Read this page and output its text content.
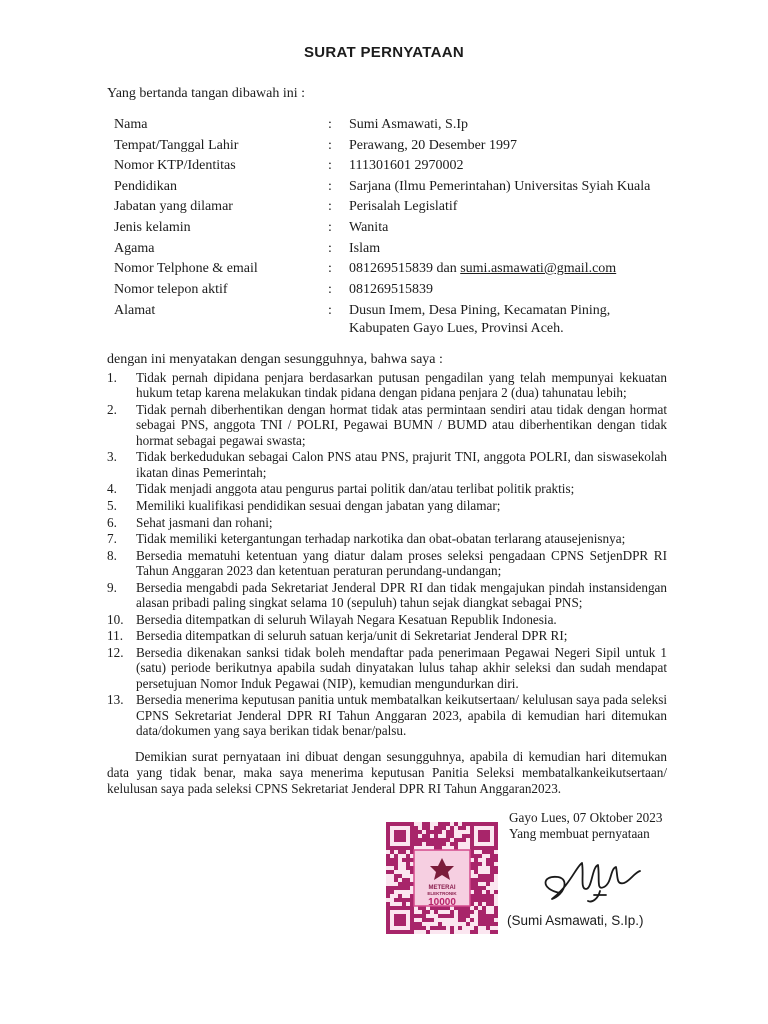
SURAT PERNYATAAN
Yang bertanda tangan dibawah ini :
Nama	:	Sumi Asmawati, S.Ip
Tempat/Tanggal Lahir	:	Perawang, 20 Desember 1997
Nomor KTP/Identitas	:	111301601 2970002
Pendidikan	:	Sarjana (Ilmu Pemerintahan) Universitas Syiah Kuala
Jabatan yang dilamar	:	Perisalah Legislatif
Jenis kelamin	:	Wanita
Agama	:	Islam
Nomor Telphone & email	:	081269515839 dan sumi.asmawati@gmail.com
Nomor telepon aktif	:	081269515839
Alamat	:	Dusun Imem, Desa Pining, Kecamatan Pining,
Kabupaten Gayo Lues, Provinsi Aceh.
dengan ini menyatakan dengan sesungguhnya, bahwa saya :
1.	Tidak pernah dipidana penjara berdasarkan putusan pengadilan yang telah mempunyai kekuatan hukum tetap karena melakukan tindak pidana dengan pidana penjara 2 (dua) tahunatau lebih;
2.	Tidak pernah diberhentikan dengan hormat tidak atas permintaan sendiri atau tidak dengan hormat sebagai PNS, anggota TNI / POLRI, Pegawai BUMN / BUMD atau diberhentikan dengan tidak hormat sebagai pegawai swasta;
3.	Tidak berkedudukan sebagai Calon PNS atau PNS, prajurit TNI, anggota POLRI, dan siswasekolah ikatan dinas Pemerintah;
4.	Tidak menjadi anggota atau pengurus partai politik dan/atau terlibat politik praktis;
5.	Memiliki kualifikasi pendidikan sesuai dengan jabatan yang dilamar;
6.	Sehat jasmani dan rohani;
7.	Tidak memiliki ketergantungan terhadap narkotika dan obat-obatan terlarang atausejenisnya;
8.	Bersedia mematuhi ketentuan yang diatur dalam proses seleksi pengadaan CPNS SetjenDPR RI Tahun Anggaran 2023 dan ketentuan peraturan perundang-undangan;
9.	Bersedia mengabdi pada Sekretariat Jenderal DPR RI dan tidak mengajukan pindah instansidengan alasan pribadi paling singkat selama 10 (sepuluh) tahun sejak diangkat sebagai PNS;
10. Bersedia ditempatkan di seluruh Wilayah Negara Kesatuan Republik Indonesia.
11. Bersedia ditempatkan di seluruh satuan kerja/unit di Sekretariat Jenderal DPR RI;
12. Bersedia dikenakan sanksi tidak boleh mendaftar pada penerimaan Pegawai Negeri Sipil untuk 1 (satu) periode berikutnya apabila sudah dinyatakan lulus tahap akhir seleksi dan sudah mendapat persetujuan Nomor Induk Pegawai (NIP), kemudian mengundurkan diri.
13. Bersedia menerima keputusan panitia untuk membatalkan keikutsertaan/ kelulusan saya pada seleksi CPNS Sekretariat Jenderal DPR RI Tahun Anggaran 2023, apabila di kemudian hari ditemukan data/dokumen yang saya berikan tidak benar/palsu.
Demikian surat pernyataan ini dibuat dengan sesungguhnya, apabila di kemudian hari ditemukan data yang tidak benar, maka saya menerima keputusan Panitia Seleksi membatalkankeikutsertaan/ kelulusan saya pada seleksi CPNS Sekretariat Jenderal DPR RI Tahun Anggaran2023.
Gayo Lues, 07 Oktober 2023
Yang membuat pernyataan
METERAI
ELEKTRONIK
10000
(Sumi Asmawati, S.Ip.)
